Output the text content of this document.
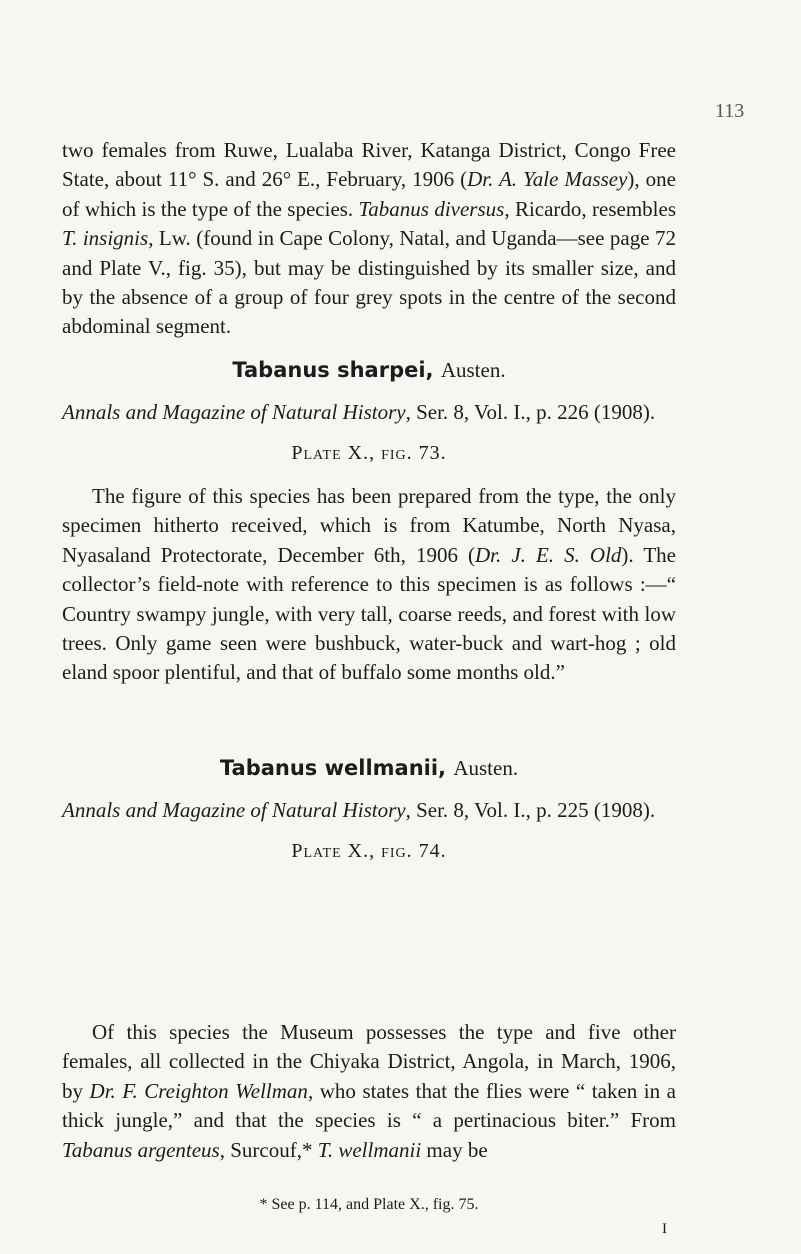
113

two females from Ruwe, Lualaba River, Katanga District, Congo Free State, about 11° S. and 26° E., February, 1906 (Dr. A. Yale Massey), one of which is the type of the species. Tabanus diversus, Ricardo, resembles T. insignis, Lw. (found in Cape Colony, Natal, and Uganda—see page 72 and Plate V., fig. 35), but may be distinguished by its smaller size, and by the absence of a group of four grey spots in the centre of the second abdominal segment.

Tabanus sharpei, Austen.

Annals and Magazine of Natural History, Ser. 8, Vol. I., p. 226 (1908).

Plate X., fig. 73.

The figure of this species has been prepared from the type, the only specimen hitherto received, which is from Katumbe, North Nyasa, Nyasaland Protectorate, December 6th, 1906 (Dr. J. E. S. Old). The collector’s field-note with reference to this specimen is as follows :—“ Country swampy jungle, with very tall, coarse reeds, and forest with low trees. Only game seen were bushbuck, water-buck and wart-hog ; old eland spoor plentiful, and that of buffalo some months old.”

Tabanus wellmanii, Austen.

Annals and Magazine of Natural History, Ser. 8, Vol. I., p. 225 (1908).

Plate X., fig. 74.

Of this species the Museum possesses the type and five other females, all collected in the Chiyaka District, Angola, in March, 1906, by Dr. F. Creighton Wellman, who states that the flies were “ taken in a thick jungle,” and that the species is “ a pertinacious biter.” From Tabanus argenteus, Surcouf,* T. wellmanii may be

* See p. 114, and Plate X., fig. 75.

I
